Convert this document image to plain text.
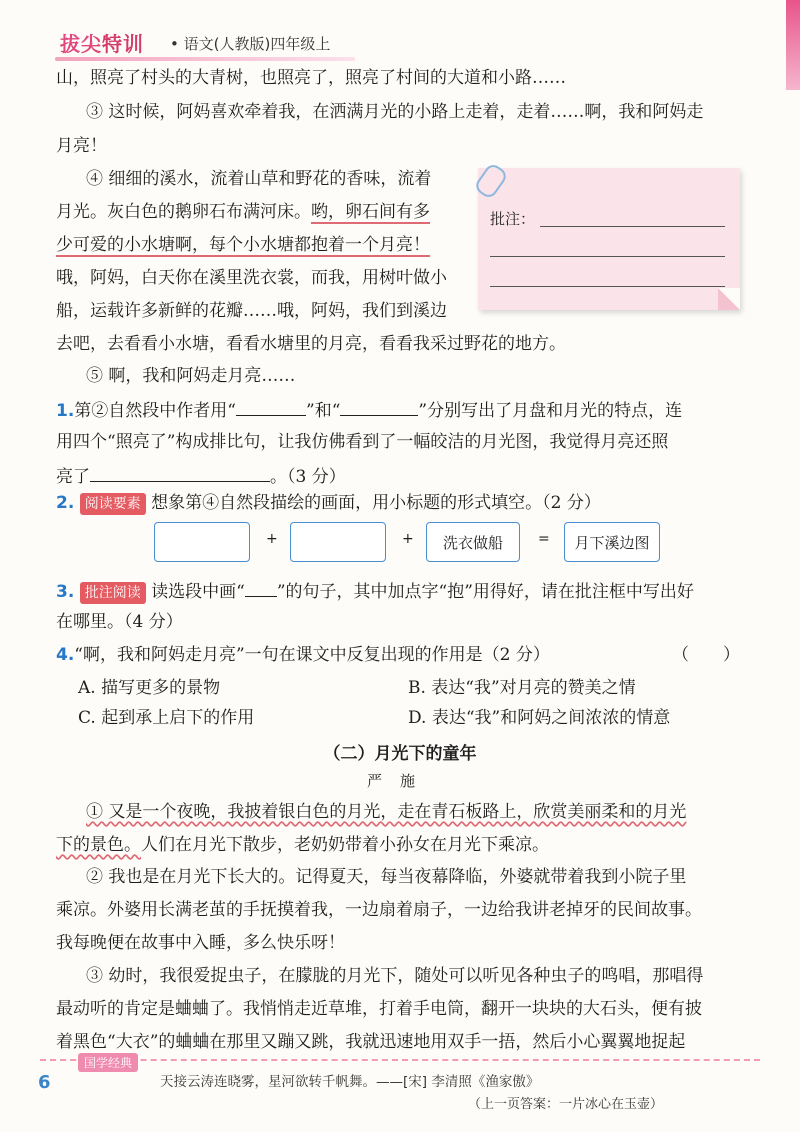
拔尖特训 • 语文(人教版)四年级上
山，照亮了村头的大青树，也照亮了，照亮了村间的大道和小路……
③ 这时候，阿妈喜欢牵着我，在洒满月光的小路上走着，走着……啊，我和阿妈走
月亮！
④ 细细的溪水，流着山草和野花的香味，流着
月光。灰白色的鹅卵石布满河床。哟，卵石间有多
少可爱的小水塘啊，每个小水塘都抱着一个月亮！
哦，阿妈，白天你在溪里洗衣裳，而我，用树叶做小
船，运载许多新鲜的花瓣……哦，阿妈，我们到溪边
去吧，去看看小水塘，看看水塘里的月亮，看看我采过野花的地方。
⑤ 啊，我和阿妈走月亮……
批注：
1.第②自然段中作者用“	”和“	”分别写出了月盘和月光的特点，连
用四个“照亮了”构成排比句，让我仿佛看到了一幅皎洁的月光图，我觉得月亮还照
亮了	。（3 分）
2. 阅读要素 想象第④自然段描绘的画面，用小标题的形式填空。（2 分）
+	+	洗衣做船	=	月下溪边图
3. 批注阅读 读选段中画“ ”的句子，其中加点字“抱”用得好，请在批注框中写出好
在哪里。（4 分）
4.“啊，我和阿妈走月亮”一句在课文中反复出现的作用是（2 分）	（　　）
A. 描写更多的景物	B. 表达“我”对月亮的赞美之情
C. 起到承上启下的作用	D. 表达“我”和阿妈之间浓浓的情意
（二）月光下的童年
严施
① 又是一个夜晚，我披着银白色的月光，走在青石板路上，欣赏美丽柔和的月光
下的景色。人们在月光下散步，老奶奶带着小孙女在月光下乘凉。
② 我也是在月光下长大的。记得夏天，每当夜幕降临，外婆就带着我到小院子里
乘凉。外婆用长满老茧的手抚摸着我，一边扇着扇子，一边给我讲老掉牙的民间故事。
我每晚便在故事中入睡，多么快乐呀！
③ 幼时，我很爱捉虫子，在朦胧的月光下，随处可以听见各种虫子的鸣唱，那唱得
最动听的肯定是蛐蛐了。我悄悄走近草堆，打着手电筒，翻开一块块的大石头，便有披
着黑色“大衣”的蛐蛐在那里又蹦又跳，我就迅速地用双手一捂，然后小心翼翼地捉起
国学经典
6	天接云涛连晓雾，星河欲转千帆舞。——[宋] 李清照《渔家傲》
（上一页答案：一片冰心在玉壶）
